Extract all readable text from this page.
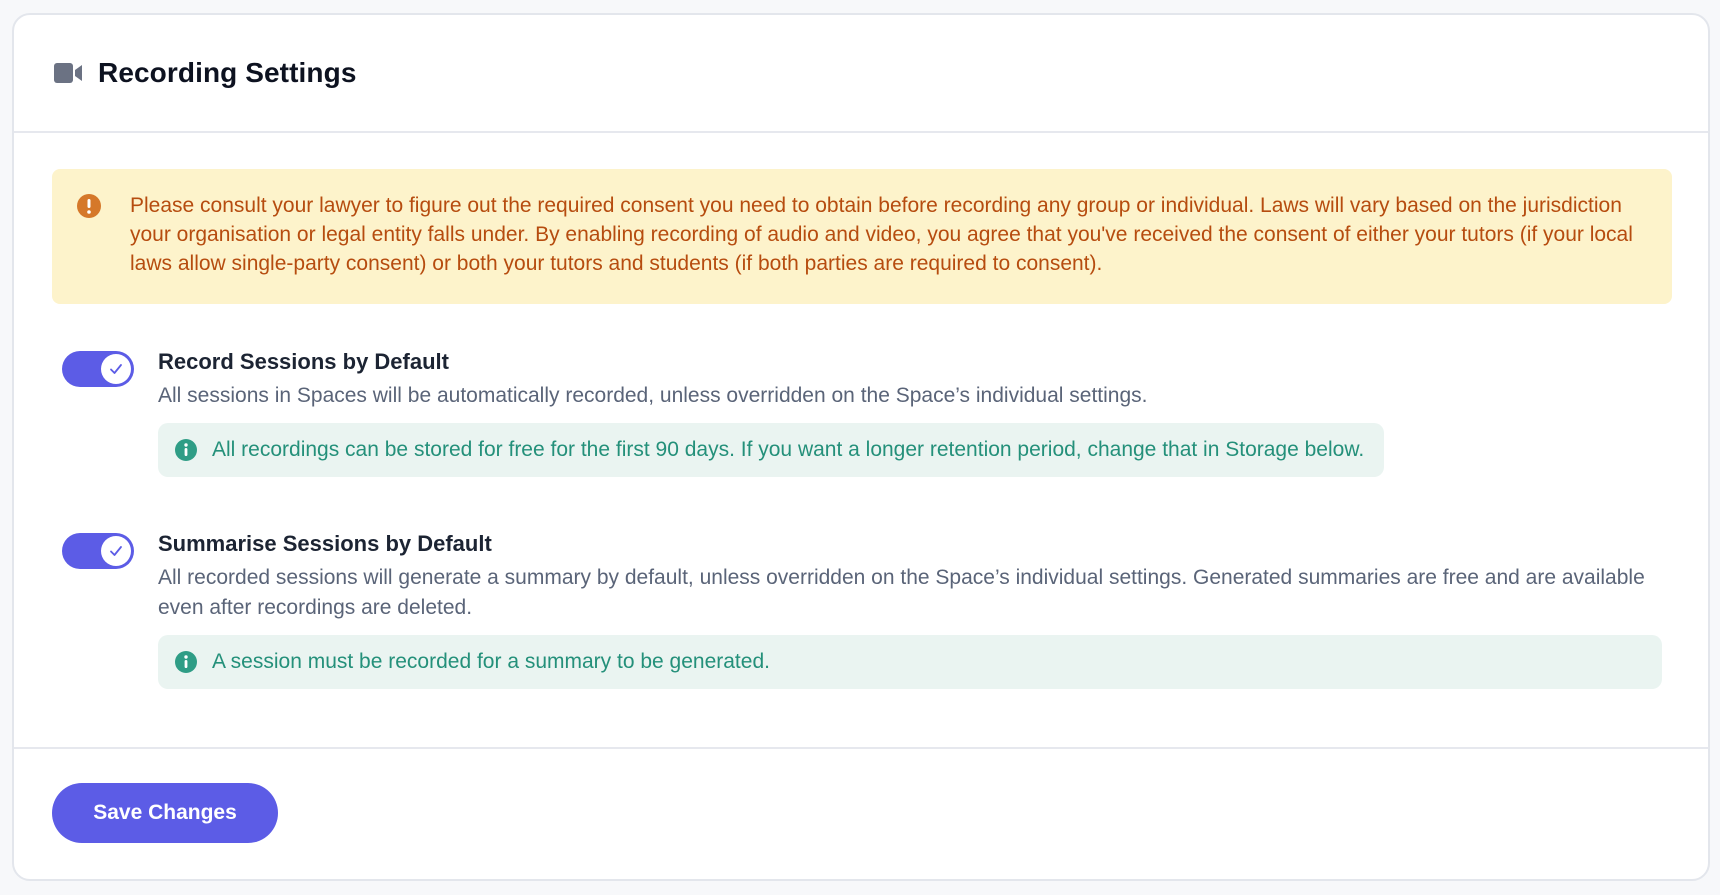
Recording Settings

Please consult your lawyer to figure out the required consent you need to obtain before recording any group or individual. Laws will vary based on the jurisdiction your organisation or legal entity falls under. By enabling recording of audio and video, you agree that you've received the consent of either your tutors (if your local laws allow single-party consent) or both your tutors and students (if both parties are required to consent).

Record Sessions by Default
All sessions in Spaces will be automatically recorded, unless overridden on the Space’s individual settings.
All recordings can be stored for free for the first 90 days. If you want a longer retention period, change that in Storage below.
Summarise Sessions by Default
All recorded sessions will generate a summary by default, unless overridden on the Space’s individual settings. Generated summaries are free and are available even after recordings are deleted.
A session must be recorded for a summary to be generated.
Save Changes
